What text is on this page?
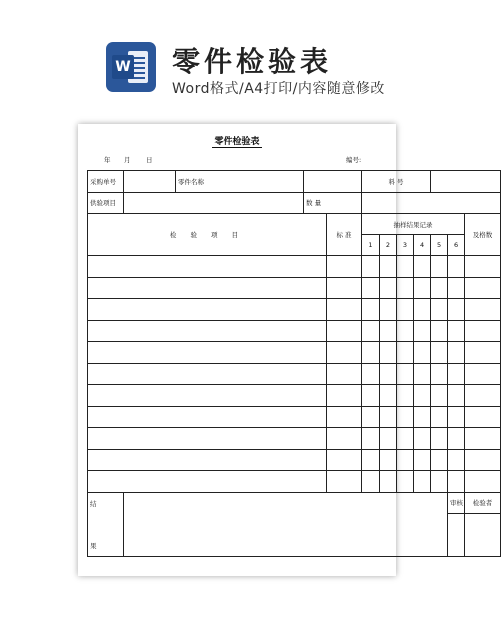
W 零件检验表
Word格式/A4打印/内容随意修改
零件检验表
年 月 日	编号:
采购单号		零件名称			料 号						
供验项目			数 量								
检 验 项 目				标 准	抽样结果记录						及格数
					1	2	3	4	5	6	

结
果										审核	检验者
